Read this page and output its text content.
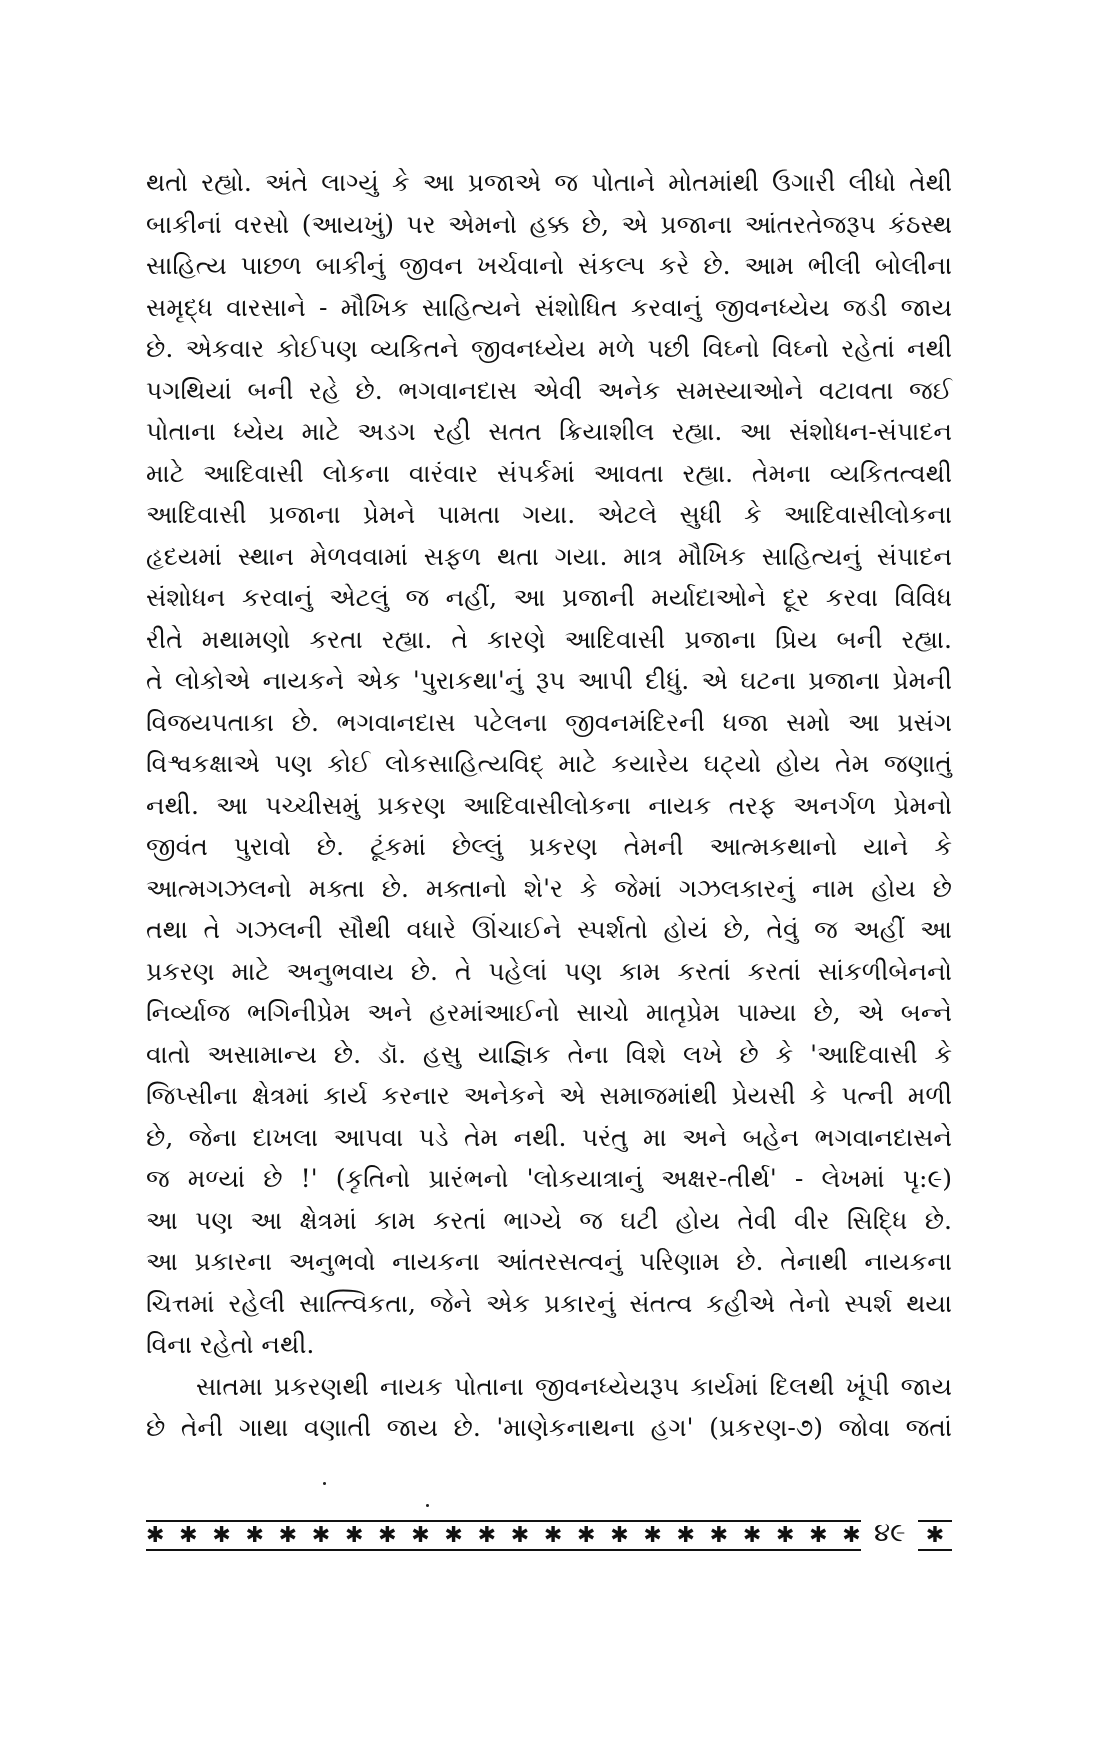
થતો રહ્યો. અંતે લાગ્યું કે આ પ્રજાએ જ પોતાને મોતમાંથી ઉગારી લીધો તેથી
બાકીનાં વરસો (આયખું) પર એમનો હક્ક છે, એ પ્રજાના આંતરતેજરૂપ કંઠસ્થ
સાહિત્ય પાછળ બાકીનું જીવન ખર્ચવાનો સંકલ્પ કરે છે. આમ ભીલી બોલીના
સમૃદ્ધ વારસાને - મૌખિક સાહિત્યને સંશોધિત કરવાનું જીવનધ્યેય જડી જાય
છે. એકવાર કોઈપણ વ્યકિતને જીવનધ્યેય મળે પછી વિઘ્નો વિઘ્નો રહેતાં નથી
પગથિયાં બની રહે છે. ભગવાનદાસ એવી અનેક સમસ્યાઓને વટાવતા જઈ
પોતાના ધ્યેય માટે અડગ રહી સતત ક્રિયાશીલ રહ્યા. આ સંશોધન-સંપાદન
માટે આદિવાસી લોકના વારંવાર સંપર્કમાં આવતા રહ્યા. તેમના વ્યકિતત્વથી
આદિવાસી પ્રજાના પ્રેમને પામતા ગયા. એટલે સુધી કે આદિવાસીલોકના
હૃદયમાં સ્થાન મેળવવામાં સફળ થતા ગયા. માત્ર મૌખિક સાહિત્યનું સંપાદન
સંશોધન કરવાનું એટલું જ નહીં, આ પ્રજાની મર્યાદાઓને દૂર કરવા વિવિધ
રીતે મથામણો કરતા રહ્યા. તે કારણે આદિવાસી પ્રજાના પ્રિય બની રહ્યા.
તે લોકોએ નાયકને એક 'પુરાકથા'નું રૂપ આપી દીધું. એ ઘટના પ્રજાના પ્રેમની
વિજયપતાકા છે. ભગવાનદાસ પટેલના જીવનમંદિરની ધજા સમો આ પ્રસંગ
વિશ્વકક્ષાએ પણ કોઈ લોકસાહિત્યવિદ્ માટે કયારેય ઘટ્યો હોય તેમ જણાતું
નથી. આ પચ્ચીસમું પ્રકરણ આદિવાસીલોકના નાયક તરફ અનર્ગળ પ્રેમનો
જીવંત પુરાવો છે. ટૂંકમાં છેલ્લું પ્રકરણ તેમની આત્મકથાનો યાને કે
આત્મગઝલનો મક્તા છે. મક્તાનો શે'ર કે જેમાં ગઝલકારનું નામ હોય છે
તથા તે ગઝલની સૌથી વધારે ઊંચાઈને સ્પર્શતો હોયં છે, તેવું જ અહીં આ
પ્રકરણ માટે અનુભવાય છે. તે પહેલાં પણ કામ કરતાં કરતાં સાંકળીબેનનો
નિર્વ્યાજ ભગિનીપ્રેમ અને હરમાંઆઈનો સાચો માતૃપ્રેમ પામ્યા છે, એ બન્ને
વાતો અસામાન્ય છે. ડૉ. હસુ યાજ્ઞિક તેના વિશે લખે છે કે 'આદિવાસી કે
જિપ્સીના ક્ષેત્રમાં કાર્ય કરનાર અનેકને એ સમાજમાંથી પ્રેયસી કે પત્ની મળી
છે, જેના દાખલા આપવા પડે તેમ નથી. પરંતુ મા અને બહેન ભગવાનદાસને
જ મળ્યાં છે !' (કૃતિનો પ્રારંભનો 'લોકયાત્રાનું અક્ષર-તીર્થ' - લેખમાં પૃ:૯)
આ પણ આ ક્ષેત્રમાં કામ કરતાં ભાગ્યે જ ઘટી હોય તેવી વીર સિદ્ધિ છે.
આ પ્રકારના અનુભવો નાયકના આંતરસત્વનું પરિણામ છે. તેનાથી નાયકના
ચિત્તમાં રહેલી સાત્ત્વિકતા, જેને એક પ્રકારનું સંતત્વ કહીએ તેનો સ્પર્શ થયા
વિના રહેતો નથી.
સાતમા પ્રકરણથી નાયક પોતાના જીવનધ્યેયરૂપ કાર્યમાં દિલથી ખૂંપી જાય
છે તેની ગાથા વણાતી જાય છે. 'માણેકનાથના હગ' (પ્રકરણ-૭) જોવા જતાં
✱ ✱ ✱ ✱ ✱ ✱ ✱ ✱ ✱ ✱ ✱ ✱ ✱ ✱ ✱ ✱ ✱ ✱ ✱ ✱ ✱ ✱ ૪૯ ✱
